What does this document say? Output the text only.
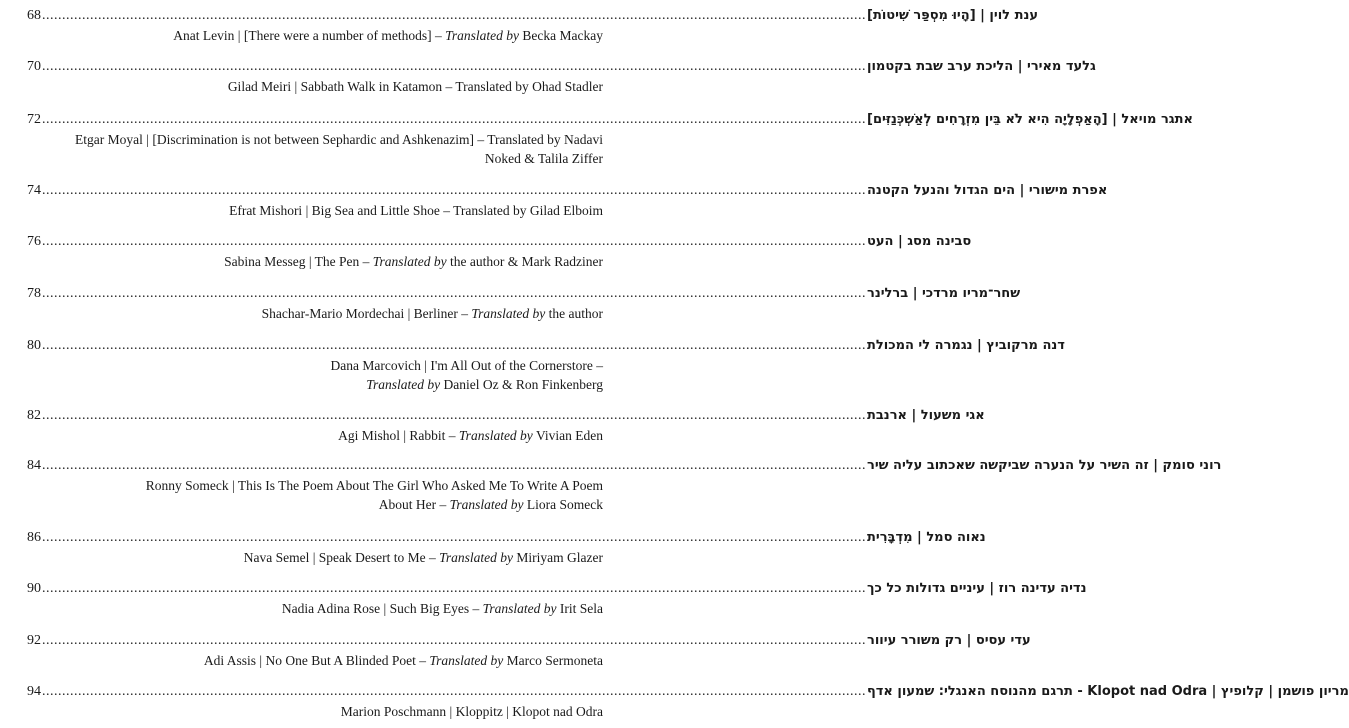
68 .............................................................................................................................................................................................................. ענת לוין | [הָיוּ מִסְפַּר שִׁיטוֹת]
Anat Levin | [There were a number of methods] – Translated by Becka Mackay
70 .............................................................................................................................................................................................................. גלעד מאירי | הליכת ערב שבת בקטמון
Gilad Meiri | Sabbath Walk in Katamon – Translated by Ohad Stadler
72 .............................................................................................................................................................................................................. אתגר מויאל | [הָאַפְלָיָה הִיא לֹא בֵּין מִזְרָחִים לְאַשְׁכְּנַזִּים]
Etgar Moyal | [Discrimination is not between Sephardic and Ashkenazim] – Translated by Nadavi
Noked & Talila Ziffer
74 .............................................................................................................................................................................................................. אפרת מישורי | הים הגדול והנעל הקטנה
Efrat Mishori | Big Sea and Little Shoe – Translated by Gilad Elboim
76 .............................................................................................................................................................................................................. סבינה מסג | העט
Sabina Messeg | The Pen – Translated by the author & Mark Radziner
78 .............................................................................................................................................................................................................. שחר־מריו מרדכי | ברלינר
Shachar-Mario Mordechai | Berliner – Translated by the author
80 .............................................................................................................................................................................................................. דנה מרקוביץ | נגמרה לי המכולת
Dana Marcovich | I'm All Out of the Cornerstore –
Translated by Daniel Oz & Ron Finkenberg
82 .............................................................................................................................................................................................................. אגי משעול | ארנבת
Agi Mishol | Rabbit – Translated by Vivian Eden
84 .............................................................................................................................................................................................................. רוני סומק | זה השיר על הנערה שביקשה שאכתוב עליה שיר
Ronny Someck | This Is The Poem About The Girl Who Asked Me To Write A Poem
About Her – Translated by Liora Someck
86 .............................................................................................................................................................................................................. נאוה סמל | מִדְבָּרִית
Nava Semel | Speak Desert to Me – Translated by Miriyam Glazer
90 .............................................................................................................................................................................................................. נדיה עדינה רוז | עיניים גדולות כל כך
Nadia Adina Rose | Such Big Eyes – Translated by Irit Sela
92 .............................................................................................................................................................................................................. עדי עסיס | רק משורר עיוור
Adi Assis | No One But A Blinded Poet – Translated by Marco Sermoneta
94 .............................................................................................................................................................................................................. מריון פושמן | קלופיץ | Klopot nad Odra - תרגם מהנוסח האנגלי: שמעון אדף
Marion Poschmann | Kloppitz | Klopot nad Odra
